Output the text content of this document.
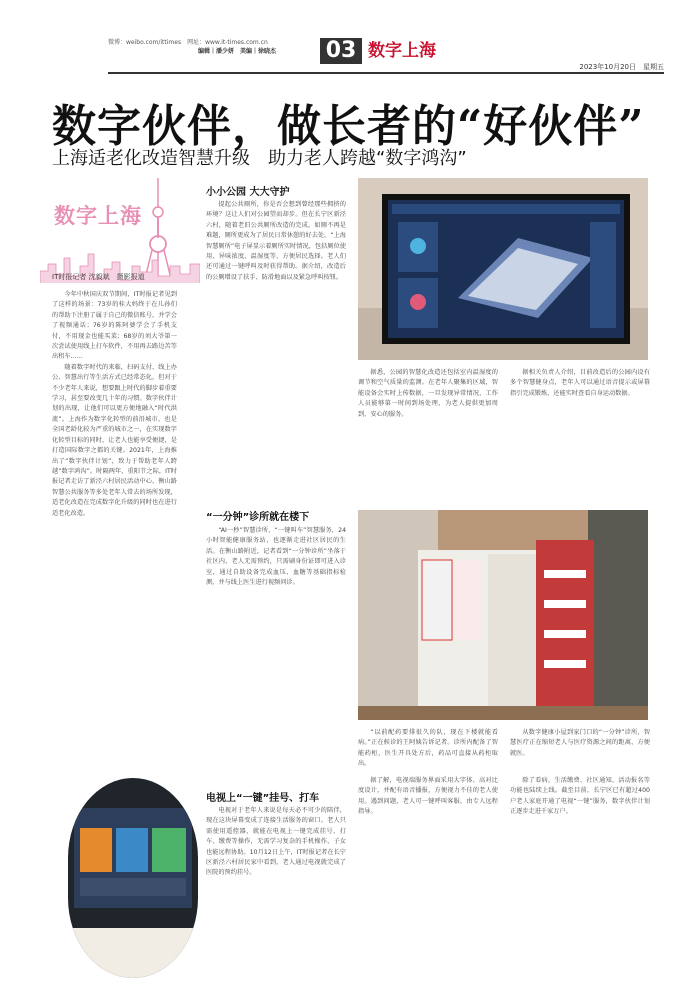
微博：weibo.com/ittimes　 网址：www.it-times.com.cn
编辑｜潘少妍　 美编｜徐晓杰 03 数字上海
2023年10月20日　星期五
数字伙伴，做长者的“好伙伴”
上海适老化改造智慧升级　助力老人跨越“数字鸿沟”
数字上海
IT时报记者 沈毅斌　摄影报道

今年中秋国庆双节期间，IT时报记者见到了这样的场景：73岁的桂大妈终于在儿孙们的帮助下注册了属于自己的微信账号，并学会了视频通话；76岁的陈阿婆学会了手机支付，不用现金也能买菜；68岁的刘大爷第一次尝试使用线上打车软件，不用再去路边苦等出租车……

随着数字时代的来临，扫码支付、线上办公、智慧出行等生活方式已经常态化，但对于不少老年人来说，想要跟上时代的脚步着重要学习，甚至要改变几十年的习惯。数字伙伴计划的出现，让他们可以更方便地融入“时代洪流”。上海作为数字化转型的前沿城市，也是全国老龄化较为严重的城市之一，在实现数字化转型目标的同时，让老人也能享受便捷，是打造国际数字之都的关键。2021年，上海推出了“数字伙伴计划”，致力于帮助老年人跨越“数字鸿沟”。时隔两年，重阳节之际，IT时报记者走访了新泾六村居民活动中心、衡山路智慧公共服务等多处老年人常去的场所发现，适老化改造在完成数字化升级的同时也在进行适老化改造。

小小公园 大大守护

提起公共厕所，你是否会想到曾经那些拥挤的环境？这让人们对公园望而却步。但在长宁区新泾六村，随着老旧公共厕所改造的完成，如厕不再是难题，厕所更成为了居民日常休憩的好去处。“上海智慧厕所”电子屏显示着厕所实时情况，包括厕位使用、异味浓度、温湿度等，方便居民选择。老人们还可通过一键呼叫及时获得帮助。据介绍，改造后的公厕增设了扶手、防滑地面以及紧急呼叫按钮。

据悉，公园的智慧化改造还包括室内温湿度的调节和空气质量的监测。在老年人聚集的区域，智能设备会实时上传数据，一旦发现异常情况，工作人员能够第一时间到场处理，为老人提供更加周到、安心的服务。

据相关负责人介绍，目前改造后的公园内设有多个智慧健身点，老年人可以通过语音提示或屏幕指引完成锻炼，还能实时查看自身运动数据。

“一分钟”诊所就在楼下

“AI一秒”智慧诊所、“一键叫车”智慧服务，24小时智能健康服务站，也逐渐走进社区居民的生活。在衡山路附近，记者看到“一分钟诊所”坐落于社区内，老人无需预约，只需刷身份证即可进入诊室，通过自助设备完成血压、血糖等基础指标检测，并与线上医生进行视频问诊。

“以前配药要排很久的队，现在下楼就能看病。”正在候诊的王阿姨告诉记者。诊所内配备了智能药柜，医生开具处方后，药品可直接从药柜取出。

从数字健康小屋到家门口的“一分钟”诊所，智慧医疗正在缩短老人与医疗资源之间的距离，方便就医。

电视上“一键”挂号、打车

电视对于老年人来说是每天必不可少的陪伴，现在这块屏幕变成了连接生活服务的窗口。老人只需使用遥控器，就能在电视上一键完成挂号、打车、缴费等操作，无需学习复杂的手机操作，子女也能远程协助。10月12日上午，IT时报记者在长宁区新泾六村居民家中看到，老人通过电视就完成了医院的预约挂号。

据了解，电视端服务界面采用大字体、高对比度设计，并配有语音播报，方便视力不佳的老人使用。遇到问题，老人可一键呼叫客服，由专人远程指导。

除了看病，生活缴费、社区通知、活动报名等功能也陆续上线。截至目前，长宁区已有超过400户老人家庭开通了电视“一键”服务，数字伙伴计划正逐步走进千家万户。
